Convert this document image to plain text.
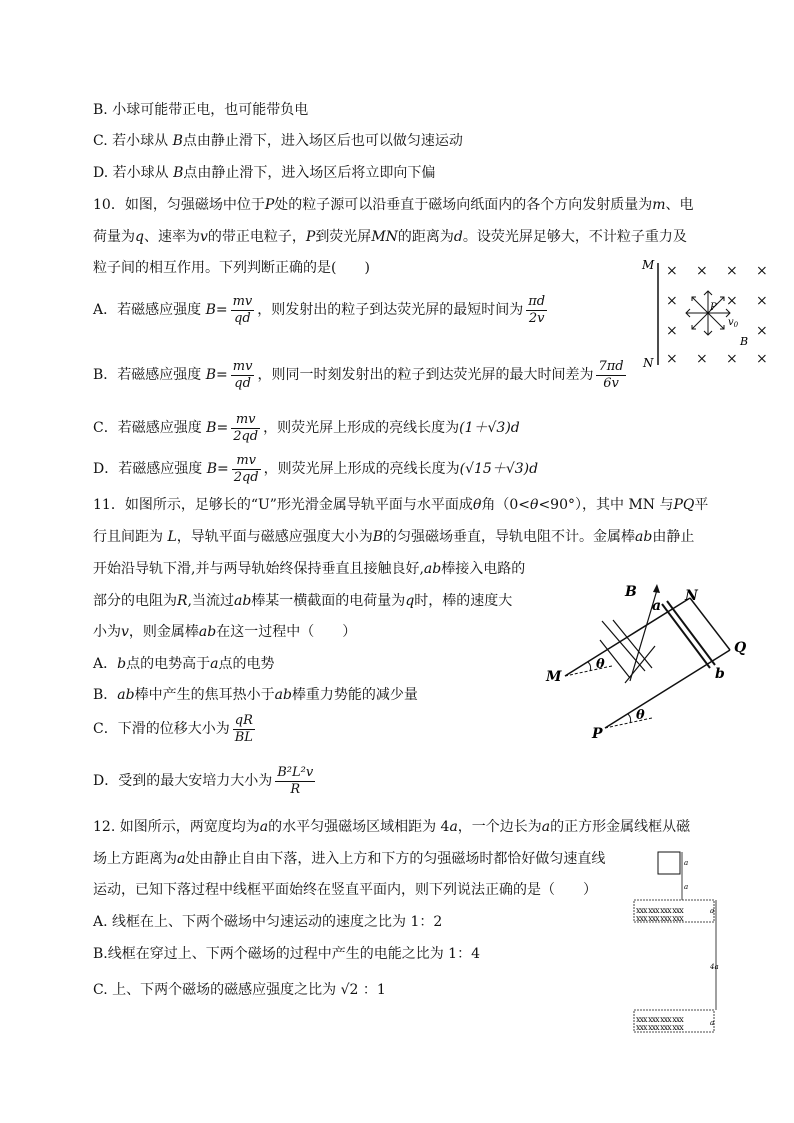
B. 小球可能带正电，也可能带负电
C. 若小球从 B点由静止滑下，进入场区后也可以做匀速运动
D. 若小球从 B点由静止滑下，进入场区后将立即向下偏
10．如图，匀强磁场中位于P处的粒子源可以沿垂直于磁场向纸面内的各个方向发射质量为m、电
荷量为q、速率为v的带正电粒子，P到荧光屏MN的距离为d。设荧光屏足够大，不计粒子重力及
粒子间的相互作用。下列判断正确的是(　　)
A．若磁感应强度 $B= \frac{mv}{qd}$ ，则发射出的粒子到达荧光屏的最短时间为 $\frac{\pi d}{2v}$
B．若磁感应强度 $B= \frac{mv}{qd}$ ，则同一时刻发射出的粒子到达荧光屏的最大时间差为 $\frac{7\pi d}{6v}$
C．若磁感应强度 $B= \frac{mv}{2qd}$ ，则荧光屏上形成的亮线长度为(1＋√3)d
D．若磁感应强度 $B= \frac{mv}{2qd}$ ，则荧光屏上形成的亮线长度为(√15＋√3)d
M
N
× × × ×
×	× ×
×	×
× × × ×
P
$v_0$
B
11．如图所示，足够长的“U”形光滑金属导轨平面与水平面成θ角（0<θ<90°），其中 MN 与PQ平
行且间距为 L，导轨平面与磁感应强度大小为B的匀强磁场垂直，导轨电阻不计。金属棒ab由静止
开始沿导轨下滑,并与两导轨始终保持垂直且接触良好,ab棒接入电路的
部分的电阻为R,当流过ab棒某一横截面的电荷量为q时，棒的速度大
小为v，则金属棒ab在这一过程中（　　）
A．b点的电势高于a点的电势
B．ab棒中产生的焦耳热小于ab棒重力势能的减少量
C．下滑的位移大小为 $\frac{qR}{BL}$
D．受到的最大安培力大小为 $\frac{\text{B²L²v}}{R}$
B
a
N
Q
M	b
P
θ
θ
12. 如图所示，两宽度均为a的水平匀强磁场区域相距为 4a，一个边长为a的正方形金属线框从磁
场上方距离为a处由静止自由下落，进入上方和下方的匀强磁场时都恰好做匀速直线
运动，已知下落过程中线框平面始终在竖直平面内，则下列说法正确的是（　　）
A. 线框在上、下两个磁场中匀速运动的速度之比为 1：2
B.线框在穿过上、下两个磁场的过程中产生的电能之比为 1：4
C. 上、下两个磁场的磁感应强度之比为 √2 ：1
a
a
xxx xxx xxx xxx
xxx xxx xxx xxx
a
4a
xxx xxx xxx xxx
xxx xxx xxx xxx	a
